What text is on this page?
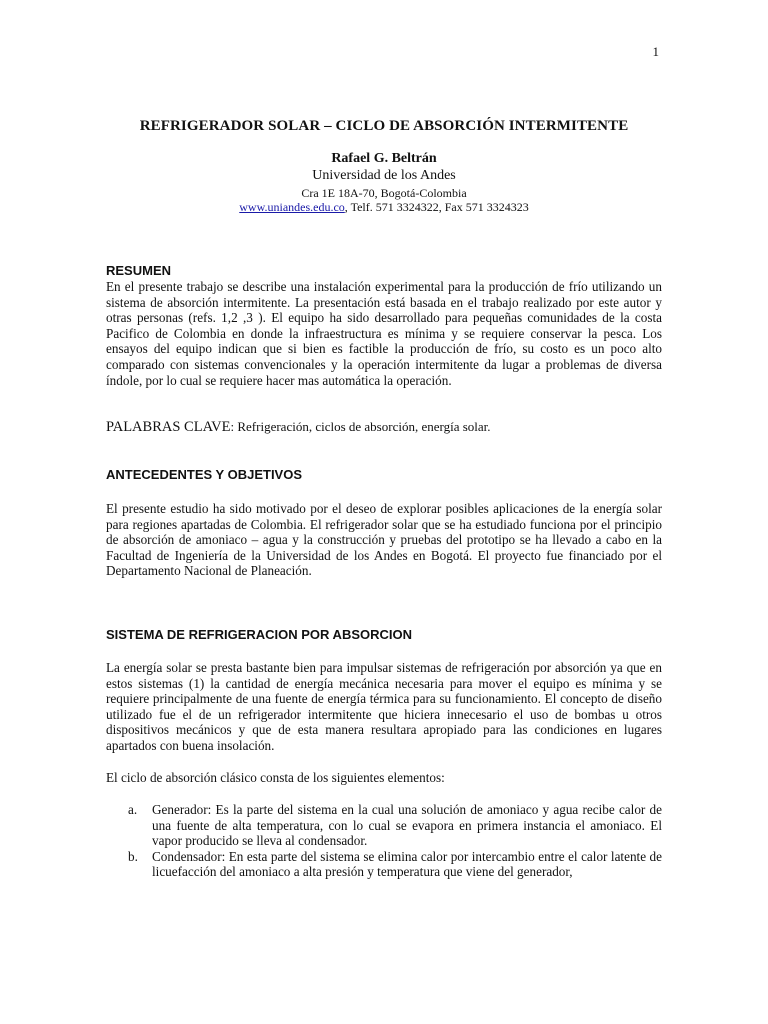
1
REFRIGERADOR SOLAR – CICLO DE ABSORCIÓN INTERMITENTE
Rafael G. Beltrán
Universidad de los Andes
Cra 1E 18A-70, Bogotá-Colombia
www.uniandes.edu.co, Telf. 571 3324322, Fax 571 3324323
RESUMEN
En el presente trabajo se describe una instalación experimental para la producción de frío utilizando un sistema de absorción intermitente. La presentación está basada en el trabajo realizado por este autor y otras personas (refs. 1,2 ,3 ). El equipo ha sido desarrollado para pequeñas comunidades de la costa Pacifico de Colombia en donde la infraestructura es mínima y se requiere conservar la pesca. Los ensayos del equipo indican que si bien es factible la producción de frío, su costo es un poco alto comparado con sistemas convencionales y la operación intermitente da lugar a problemas de diversa índole, por lo cual se requiere hacer mas automática la operación.
PALABRAS CLAVE: Refrigeración, ciclos de absorción, energía solar.
ANTECEDENTES Y OBJETIVOS
El presente estudio ha sido motivado por el deseo de explorar posibles aplicaciones de la energía solar para regiones apartadas de Colombia. El refrigerador solar que se ha estudiado funciona por el principio de absorción de amoniaco – agua y la construcción y pruebas del prototipo se ha llevado a cabo en la Facultad de Ingeniería de la Universidad de los Andes en Bogotá. El proyecto fue financiado por el Departamento Nacional de Planeación.
SISTEMA DE REFRIGERACION POR ABSORCION
La energía solar se presta bastante bien para impulsar sistemas de refrigeración por absorción ya que en estos sistemas (1) la cantidad de energía mecánica necesaria para mover el equipo es mínima y se requiere principalmente de una fuente de energía térmica para su funcionamiento. El concepto de diseño utilizado fue el de un refrigerador intermitente que hiciera innecesario el uso de bombas u otros dispositivos mecánicos y que de esta manera resultara apropiado para las condiciones en lugares apartados con buena insolación.
El ciclo de absorción clásico consta de los siguientes elementos:
a. Generador: Es la parte del sistema en la cual una solución de amoniaco y agua recibe calor de una fuente de alta temperatura, con lo cual se evapora en primera instancia el amoniaco. El vapor producido se lleva al condensador.
b. Condensador: En esta parte del sistema se elimina calor por intercambio entre el calor latente de licuefacción del amoniaco a alta presión y temperatura que viene del generador,
